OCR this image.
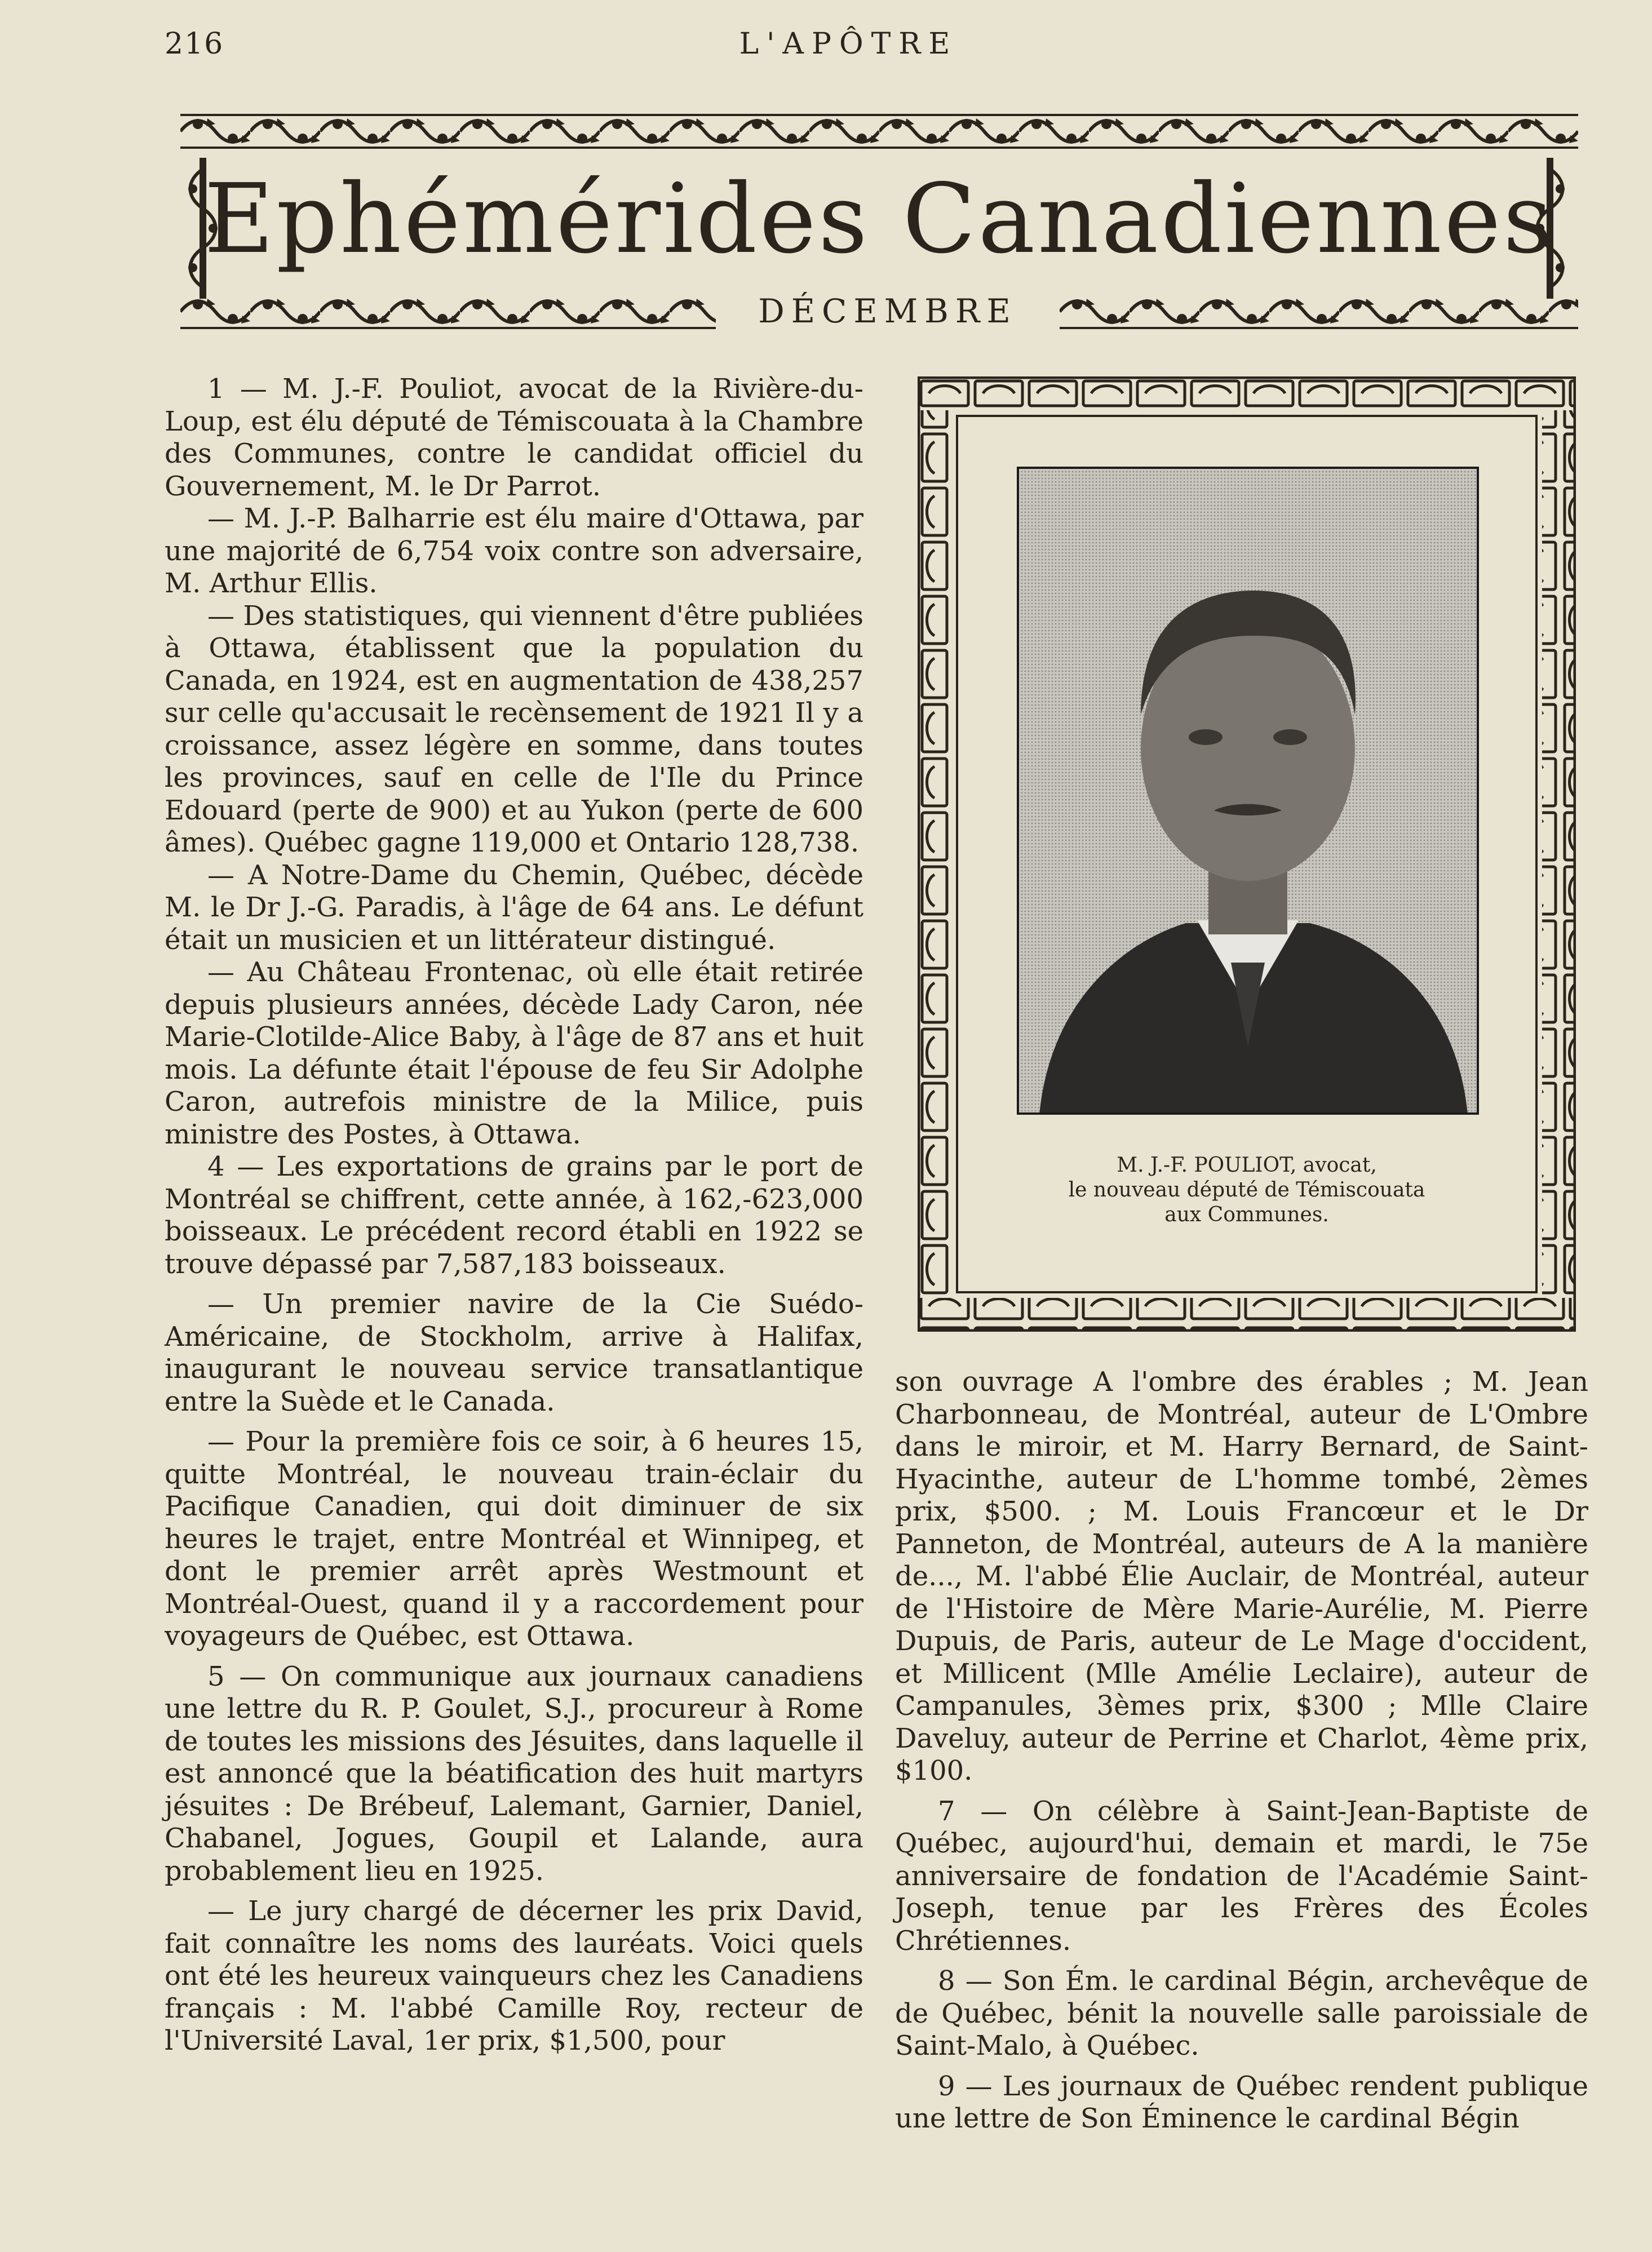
216	L'APÔTRE
Ephémérides Canadiennes
DÉCEMBRE

1 — M. J.-F. Pouliot, avocat de la Rivière-du-Loup, est élu député de Témiscouata à la Chambre des Communes, contre le candidat officiel du Gouvernement, M. le Dr Parrot.

— M. J.-P. Balharrie est élu maire d'Ottawa, par une majorité de 6,754 voix contre son adversaire, M. Arthur Ellis.

— Des statistiques, qui viennent d'être publiées à Ottawa, établissent que la population du Canada, en 1924, est en augmentation de 438,257 sur celle qu'accusait le recènsement de 1921 Il y a croissance, assez légère en somme, dans toutes les provinces, sauf en celle de l'Ile du Prince Edouard (perte de 900) et au Yukon (perte de 600 âmes). Québec gagne 119,000 et Ontario 128,738.

— A Notre-Dame du Chemin, Québec, décède M. le Dr J.-G. Paradis, à l'âge de 64 ans. Le défunt était un musicien et un littérateur distingué.

— Au Château Frontenac, où elle était retirée depuis plusieurs années, décède Lady Caron, née Marie-Clotilde-Alice Baby, à l'âge de 87 ans et huit mois. La défunte était l'épouse de feu Sir Adolphe Caron, autrefois ministre de la Milice, puis ministre des Postes, à Ottawa.

4 — Les exportations de grains par le port de Montréal se chiffrent, cette année, à 162,-623,000 boisseaux. Le précédent record établi en 1922 se trouve dépassé par 7,587,183 boisseaux.

— Un premier navire de la Cie Suédo-Américaine, de Stockholm, arrive à Halifax, inaugurant le nouveau service transatlantique entre la Suède et le Canada.

— Pour la première fois ce soir, à 6 heures 15, quitte Montréal, le nouveau train-éclair du Pacifique Canadien, qui doit diminuer de six heures le trajet, entre Montréal et Winnipeg, et dont le premier arrêt après Westmount et Montréal-Ouest, quand il y a raccordement pour voyageurs de Québec, est Ottawa.

5 — On communique aux journaux canadiens une lettre du R. P. Goulet, S.J., procureur à Rome de toutes les missions des Jésuites, dans laquelle il est annoncé que la béatification des huit martyrs jésuites : De Brébeuf, Lalemant, Garnier, Daniel, Chabanel, Jogues, Goupil et Lalande, aura probablement lieu en 1925.

— Le jury chargé de décerner les prix David, fait connaître les noms des lauréats. Voici quels ont été les heureux vainqueurs chez les Canadiens français : M. l'abbé Camille Roy, recteur de l'Université Laval, 1er prix, $1,500, pour

M. J.-F. POULIOT, avocat,
le nouveau député de Témiscouata
aux Communes.

son ouvrage A l'ombre des érables ; M. Jean Charbonneau, de Montréal, auteur de L'Ombre dans le miroir, et M. Harry Bernard, de Saint-Hyacinthe, auteur de L'homme tombé, 2èmes prix, $500. ; M. Louis Francœur et le Dr Panneton, de Montréal, auteurs de A la manière de..., M. l'abbé Élie Auclair, de Montréal, auteur de l'Histoire de Mère Marie-Aurélie, M. Pierre Dupuis, de Paris, auteur de Le Mage d'occident, et Millicent (Mlle Amélie Leclaire), auteur de Campanules, 3èmes prix, $300 ; Mlle Claire Daveluy, auteur de Perrine et Charlot, 4ème prix, $100.

7 — On célèbre à Saint-Jean-Baptiste de Québec, aujourd'hui, demain et mardi, le 75e anniversaire de fondation de l'Académie Saint-Joseph, tenue par les Frères des Écoles Chrétiennes.

8 — Son Ém. le cardinal Bégin, archevêque de de Québec, bénit la nouvelle salle paroissiale de Saint-Malo, à Québec.

9 — Les journaux de Québec rendent publique une lettre de Son Éminence le cardinal Bégin
